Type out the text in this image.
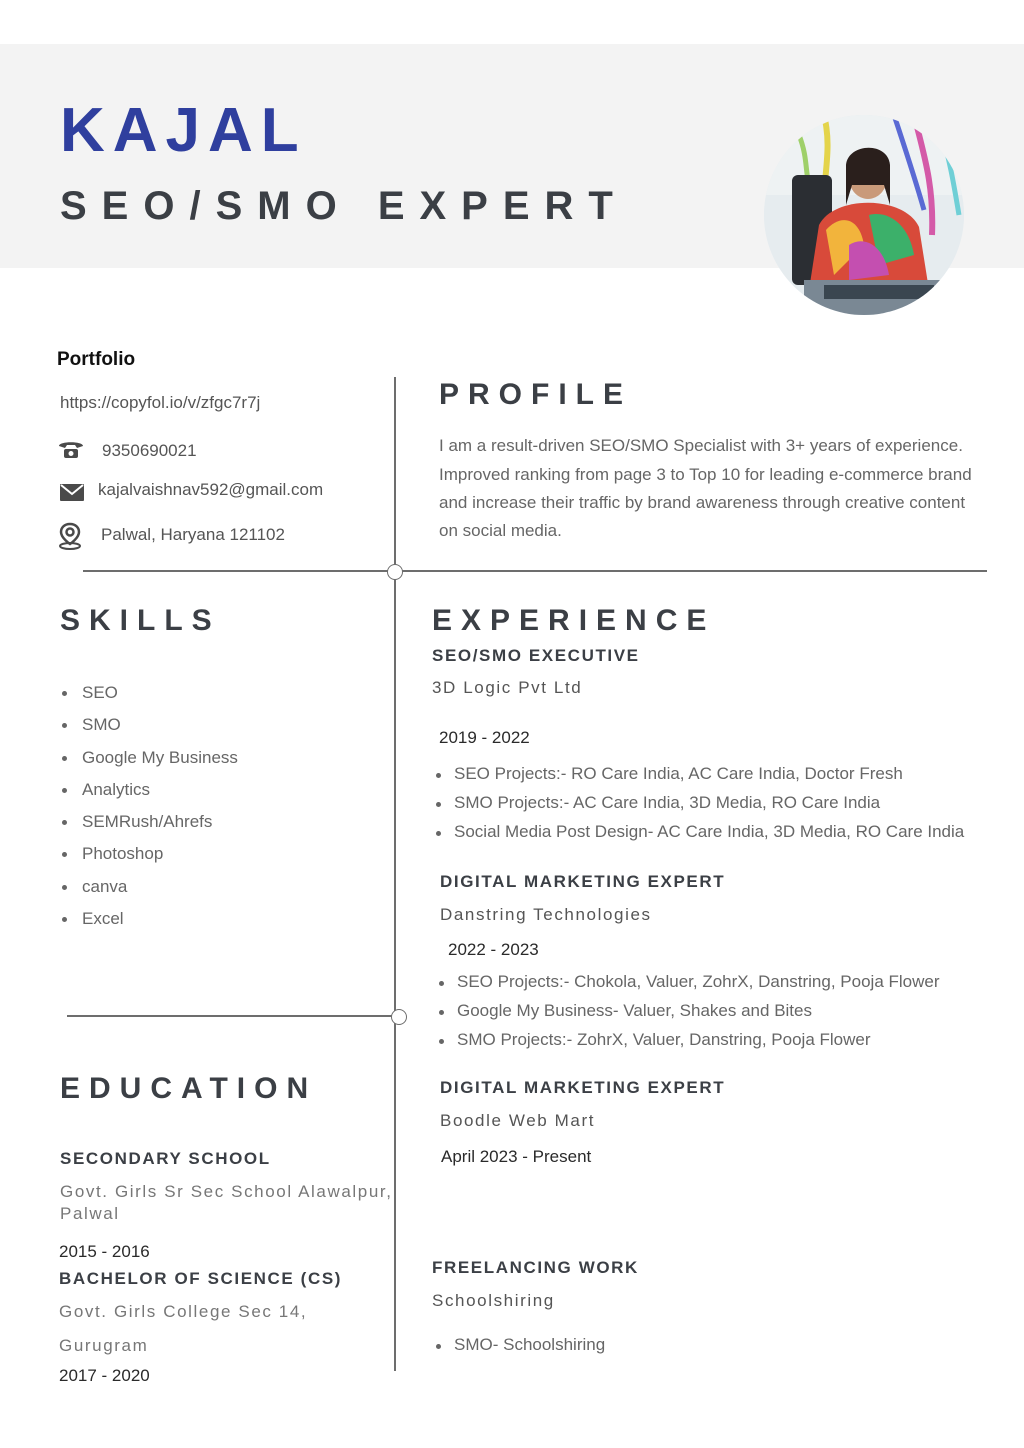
KAJAL
SEO/SMO EXPERT
Portfolio
https://copyfol.io/v/zfgc7r7j
9350690021
kajalvaishnav592@gmail.com
Palwal, Haryana 121102
PROFILE
I am a result-driven SEO/SMO Specialist with 3+ years of experience.
Improved ranking from page 3 to Top 10 for leading e-commerce brand
and increase their traffic by brand awareness through creative content
on social media.
SKILLS
SEO
SMO
Google My Business
Analytics
SEMRush/Ahrefs
Photoshop
canva
Excel
EXPERIENCE
SEO/SMO EXECUTIVE
3D Logic Pvt Ltd
2019 - 2022
SEO Projects:- RO Care India, AC Care India, Doctor Fresh
SMO Projects:- AC Care India, 3D Media, RO Care India
Social Media Post Design- AC Care India, 3D Media, RO Care India
DIGITAL MARKETING EXPERT
Danstring Technologies
2022 - 2023
SEO Projects:- Chokola, Valuer, ZohrX, Danstring, Pooja Flower
Google My Business- Valuer, Shakes and Bites
SMO Projects:- ZohrX, Valuer, Danstring, Pooja Flower
DIGITAL MARKETING EXPERT
Boodle Web Mart
April 2023 - Present
FREELANCING WORK
Schoolshiring
SMO- Schoolshiring
EDUCATION
SECONDARY SCHOOL
Govt. Girls Sr Sec School Alawalpur,
Palwal
2015 - 2016
BACHELOR OF SCIENCE (CS)
Govt. Girls College Sec 14,
Gurugram
2017 - 2020
